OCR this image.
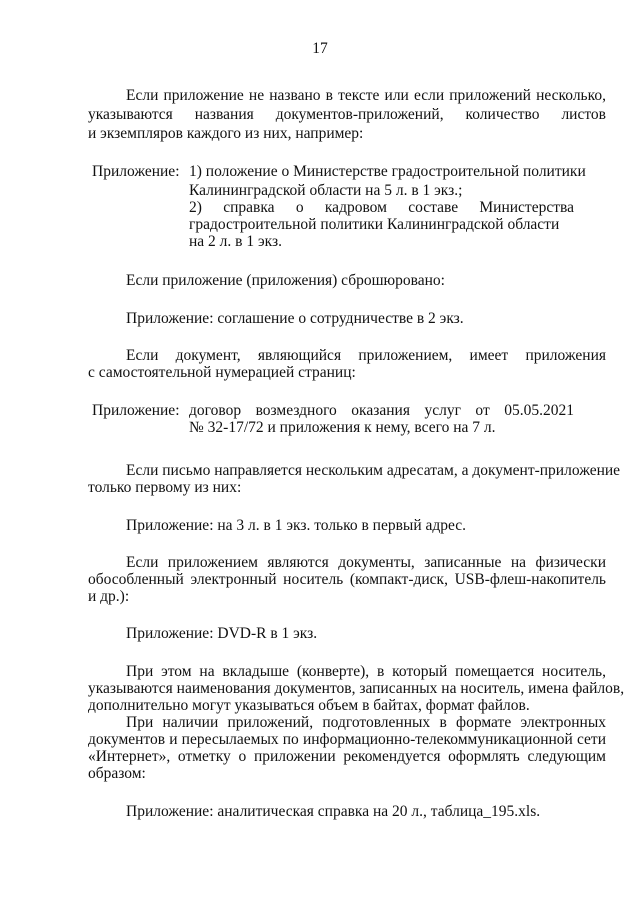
17
Если приложение не названо в тексте или если приложений несколько,
указываются названия документов-приложений, количество листов
и экземпляров каждого из них, например:
Приложение: 1) положение о Министерстве градостроительной политики
Калининградской области на 5 л. в 1 экз.;
2) справка о кадровом составе Министерства
градостроительной политики Калининградской области
на 2 л. в 1 экз.
Если приложение (приложения) сброшюровано:
Приложение: соглашение о сотрудничестве в 2 экз.
Если документ, являющийся приложением, имеет приложения
с самостоятельной нумерацией страниц:
Приложение: договор возмездного оказания услуг от 05.05.2021
№ 32-17/72 и приложения к нему, всего на 7 л.
Если письмо направляется нескольким адресатам, а документ-приложение
только первому из них:
Приложение: на 3 л. в 1 экз. только в первый адрес.
Если приложением являются документы, записанные на физически
обособленный электронный носитель (компакт-диск, USB-флеш-накопитель
и др.):
Приложение: DVD-R в 1 экз.
При этом на вкладыше (конверте), в который помещается носитель,
указываются наименования документов, записанных на носитель, имена файлов,
дополнительно могут указываться объем в байтах, формат файлов.
При наличии приложений, подготовленных в формате электронных
документов и пересылаемых по информационно-телекоммуникационной сети
«Интернет», отметку о приложении рекомендуется оформлять следующим
образом:
Приложение: аналитическая справка на 20 л., таблица_195.xls.
